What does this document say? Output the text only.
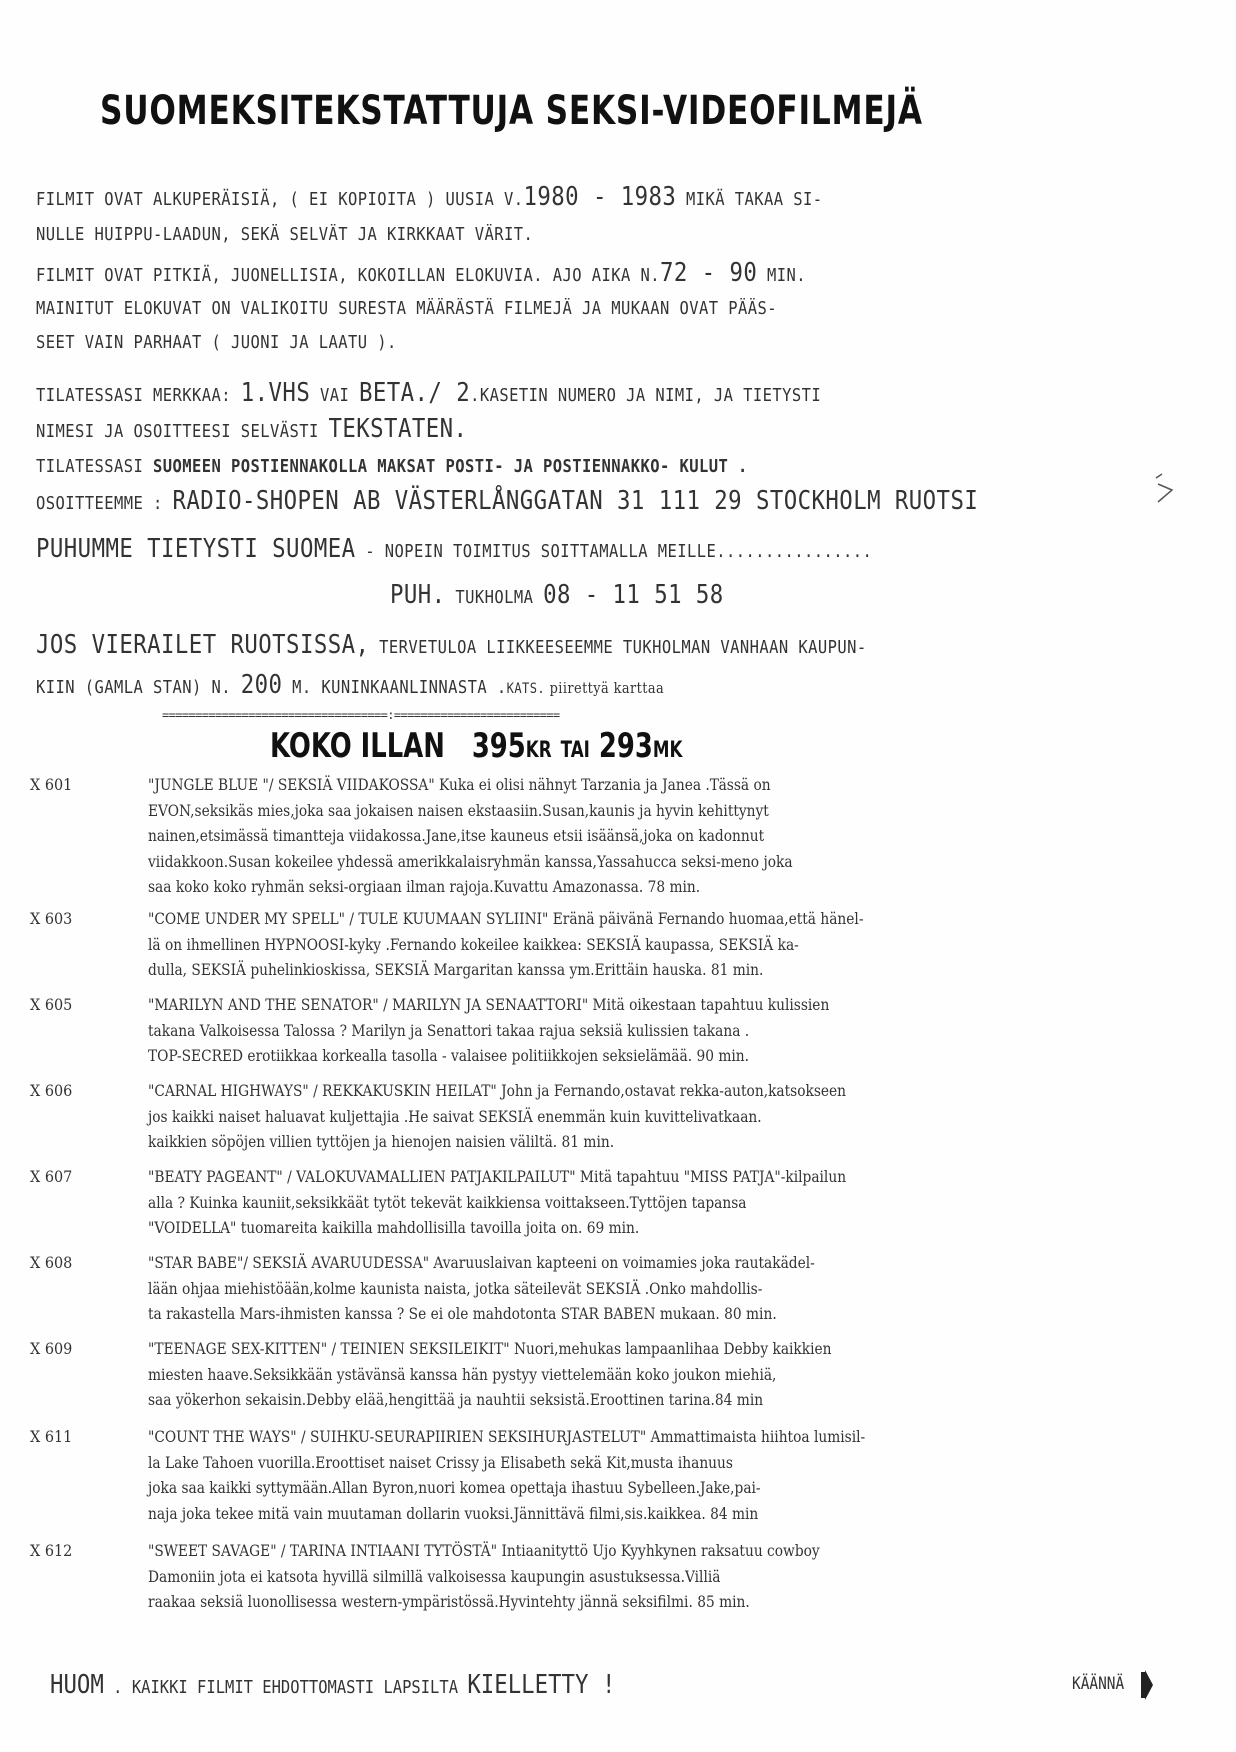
SUOMEKSITEKSTATTUJA SEKSI-VIDEOFILMEJÄ
FILMIT OVAT ALKUPERÄISIÄ, ( EI KOPIOITA ) UUSIA V.1980 - 1983 MIKÄ TAKAA SI-
NULLE HUIPPU-LAADUN, SEKÄ SELVÄT JA KIRKKAAT VÄRIT.
FILMIT OVAT PITKIÄ, JUONELLISIA, KOKOILLAN ELOKUVIA. AJO AIKA N.72 - 90 MIN.
MAINITUT ELOKUVAT ON VALIKOITU SURESTA MÄÄRÄSTÄ FILMEJÄ JA MUKAAN OVAT PÄÄS-
SEET VAIN PARHAAT ( JUONI JA LAATU ).
TILATESSASI MERKKAA: 1.VHS VAI BETA./ 2.KASETIN NUMERO JA NIMI, JA TIETYSTI
NIMESI JA OSOITTEESI SELVÄSTI TEKSTATEN.
TILATESSASI SUOMEEN POSTIENNAKOLLA MAKSAT POSTI- JA POSTIENNAKKO- KULUT .
OSOITTEEMME : RADIO-SHOPEN AB VÄSTERLÅNGGATAN 31 111 29 STOCKHOLM RUOTSI
PUHUMME TIETYSTI SUOMEA - NOPEIN TOIMITUS SOITTAMALLA MEILLE................
PUH. TUKHOLMA 08 - 11 51 58
JOS VIERAILET RUOTSISSA, TERVETULOA LIIKKEESEEMME TUKHOLMAN VANHAAN KAUPUN-
KIIN (GAMLA STAN) N. 200 M. KUNINKAANLINNASTA .KATS. piirettyä karttaa
==================================:=========================
KOKO ILLAN 395KR TAI 293MK
X 601	"JUNGLE BLUE "/ SEKSIÄ VIIDAKOSSA" Kuka ei olisi nähnyt Tarzania ja Janea .Tässä on
EVON,seksikäs mies,joka saa jokaisen naisen ekstaasiin.Susan,kaunis ja hyvin kehittynyt
nainen,etsimässä timantteja viidakossa.Jane,itse kauneus etsii isäänsä,joka on kadonnut
viidakkoon.Susan kokeilee yhdessä amerikkalaisryhmän kanssa,Yassahucca seksi-meno joka
saa koko koko ryhmän seksi-orgiaan ilman rajoja.Kuvattu Amazonassa. 78 min.
X 603	"COME UNDER MY SPELL" / TULE KUUMAAN SYLIINI" Eränä päivänä Fernando huomaa,että hänel-
lä on ihmellinen HYPNOOSI-kyky .Fernando kokeilee kaikkea: SEKSIÄ kaupassa, SEKSIÄ ka-
dulla, SEKSIÄ puhelinkioskissa, SEKSIÄ Margaritan kanssa ym.Erittäin hauska. 81 min.
X 605	"MARILYN AND THE SENATOR" / MARILYN JA SENAATTORI" Mitä oikestaan tapahtuu kulissien
takana Valkoisessa Talossa ? Marilyn ja Senattori takaa rajua seksiä kulissien takana .
TOP-SECRED erotiikkaa korkealla tasolla - valaisee politiikkojen seksielämää. 90 min.
X 606	"CARNAL HIGHWAYS" / REKKAKUSKIN HEILAT" John ja Fernando,ostavat rekka-auton,katsokseen
jos kaikki naiset haluavat kuljettajia .He saivat SEKSIÄ enemmän kuin kuvittelivatkaan.
kaikkien söpöjen villien tyttöjen ja hienojen naisien väliltä. 81 min.
X 607	"BEATY PAGEANT" / VALOKUVAMALLIEN PATJAKILPAILUT" Mitä tapahtuu "MISS PATJA"-kilpailun
alla ? Kuinka kauniit,seksikkäät tytöt tekevät kaikkiensa voittakseen.Tyttöjen tapansa
"VOIDELLA" tuomareita kaikilla mahdollisilla tavoilla joita on. 69 min.
X 608	"STAR BABE"/ SEKSIÄ AVARUUDESSA" Avaruuslaivan kapteeni on voimamies joka rautakädel-
lään ohjaa miehistöään,kolme kaunista naista, jotka säteilevät SEKSIÄ .Onko mahdollis-
ta rakastella Mars-ihmisten kanssa ? Se ei ole mahdotonta STAR BABEN mukaan. 80 min.
X 609	"TEENAGE SEX-KITTEN" / TEINIEN SEKSILEIKIT" Nuori,mehukas lampaanlihaa Debby kaikkien
miesten haave.Seksikkään ystävänsä kanssa hän pystyy viettelemään koko joukon miehiä,
saa yökerhon sekaisin.Debby elää,hengittää ja nauhtii seksistä.Eroottinen tarina.84 min
X 611	"COUNT THE WAYS" / SUIHKU-SEURAPIIRIEN SEKSIHURJASTELUT" Ammattimaista hiihtoa lumisil-
la Lake Tahoen vuorilla.Eroottiset naiset Crissy ja Elisabeth sekä Kit,musta ihanuus
joka saa kaikki syttymään.Allan Byron,nuori komea opettaja ihastuu Sybelleen.Jake,pai-
naja joka tekee mitä vain muutaman dollarin vuoksi.Jännittävä filmi,sis.kaikkea. 84 min
X 612	"SWEET SAVAGE" / TARINA INTIAANI TYTÖSTÄ" Intiaanityttö Ujo Kyyhkynen raksatuu cowboy
Damoniin jota ei katsota hyvillä silmillä valkoisessa kaupungin asustuksessa.Villiä
raakaa seksiä luonollisessa western-ympäristössä.Hyvintehty jännä seksifilmi. 85 min.
HUOM . KAIKKI FILMIT EHDOTTOMASTI LAPSILTA KIELLETTY !	KÄÄNNÄ
